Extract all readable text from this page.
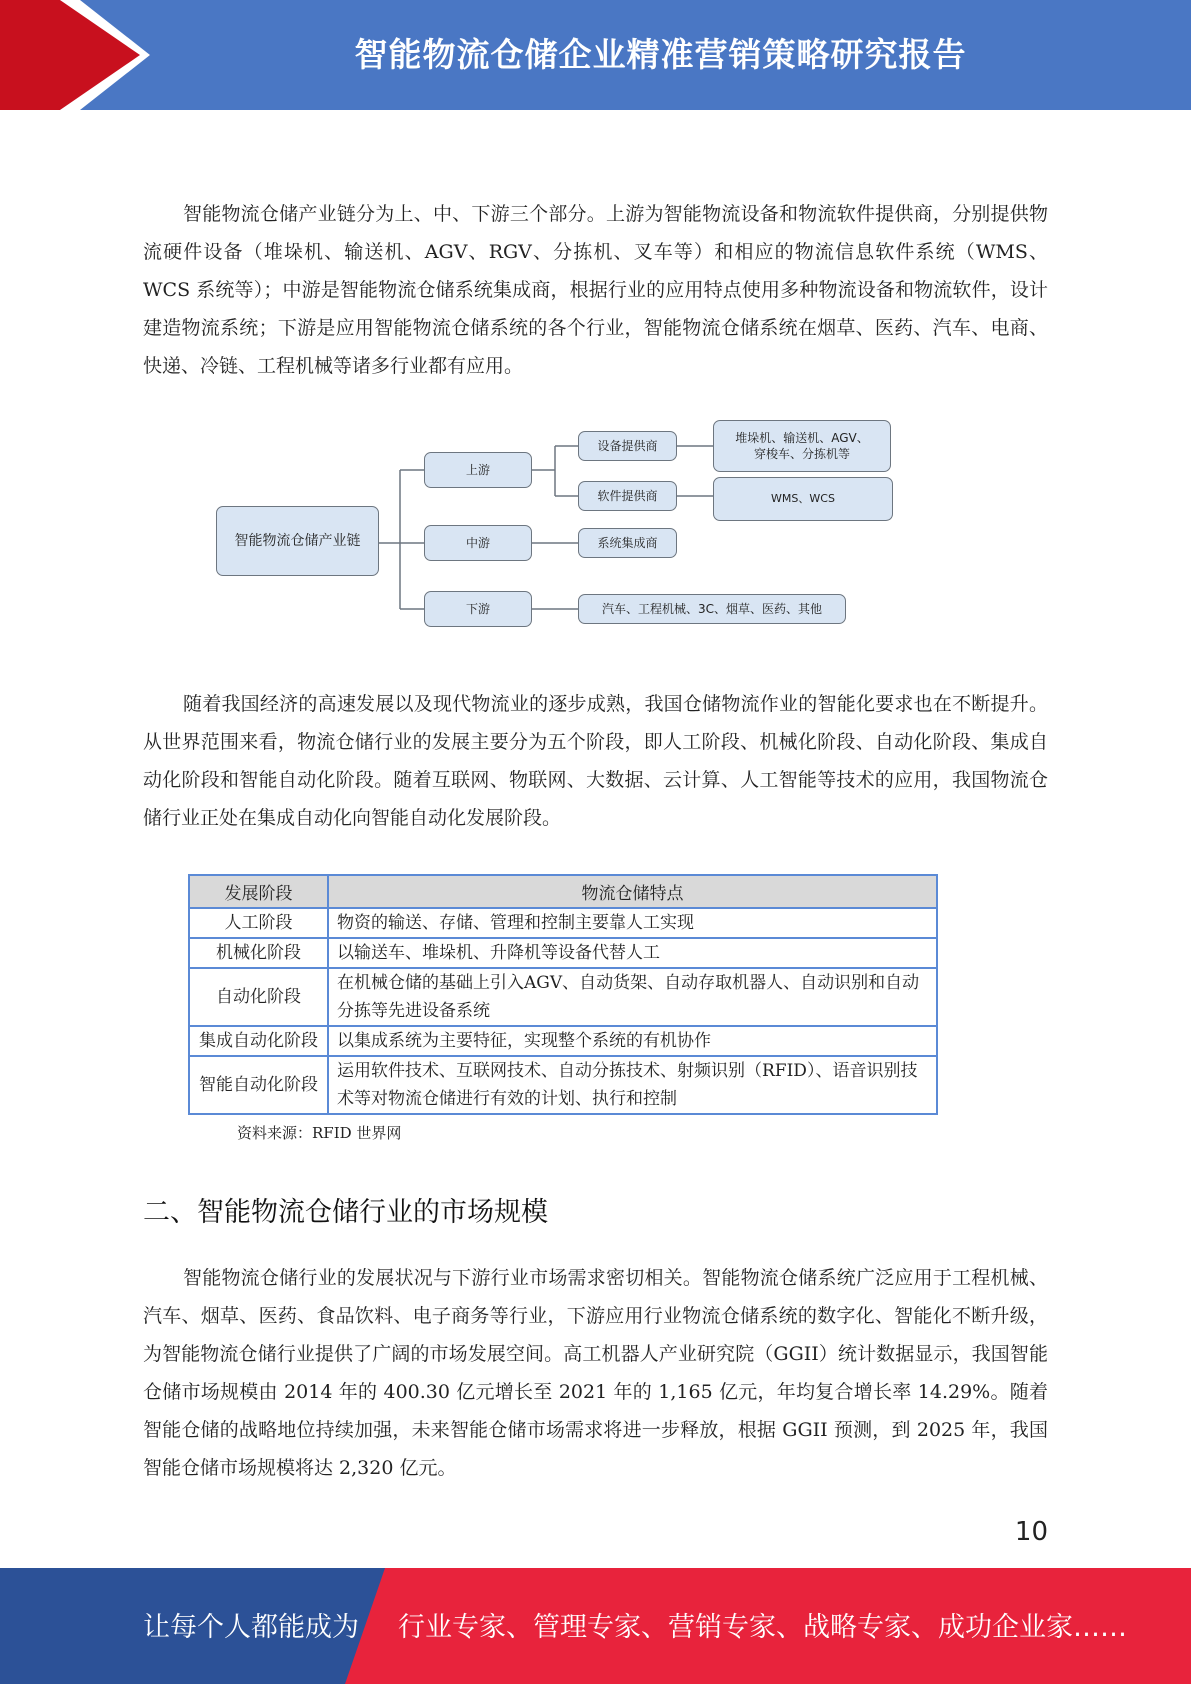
智能物流仓储企业精准营销策略研究报告

智能物流仓储产业链分为上、中、下游三个部分。上游为智能物流设备和物流软件提供商，分别提供物流硬件设备（堆垛机、输送机、AGV、RGV、分拣机、叉车等）和相应的物流信息软件系统（WMS、WCS 系统等）；中游是智能物流仓储系统集成商，根据行业的应用特点使用多种物流设备和物流软件，设计建造物流系统；下游是应用智能物流仓储系统的各个行业，智能物流仓储系统在烟草、医药、汽车、电商、快递、冷链、工程机械等诸多行业都有应用。

智能物流仓储产业链
上游
中游
下游
设备提供商
软件提供商
系统集成商
汽车、工程机械、3C、烟草、医药、其他
堆垛机、输送机、AGV、
穿梭车、分拣机等
WMS、WCS

随着我国经济的高速发展以及现代物流业的逐步成熟，我国仓储物流作业的智能化要求也在不断提升。从世界范围来看，物流仓储行业的发展主要分为五个阶段，即人工阶段、机械化阶段、自动化阶段、集成自动化阶段和智能自动化阶段。随着互联网、物联网、大数据、云计算、人工智能等技术的应用，我国物流仓储行业正处在集成自动化向智能自动化发展阶段。

发展阶段	物流仓储特点
人工阶段	物资的输送、存储、管理和控制主要靠人工实现
机械化阶段	以输送车、堆垛机、升降机等设备代替人工
自动化阶段	在机械仓储的基础上引入AGV、自动货架、自动存取机器人、自动识别和自动分拣等先进设备系统
集成自动化阶段	以集成系统为主要特征，实现整个系统的有机协作
智能自动化阶段	运用软件技术、互联网技术、自动分拣技术、射频识别（RFID）、语音识别技术等对物流仓储进行有效的计划、执行和控制
资料来源：RFID 世界网
二、智能物流仓储行业的市场规模

智能物流仓储行业的发展状况与下游行业市场需求密切相关。智能物流仓储系统广泛应用于工程机械、汽车、烟草、医药、食品饮料、电子商务等行业，下游应用行业物流仓储系统的数字化、智能化不断升级，为智能物流仓储行业提供了广阔的市场发展空间。高工机器人产业研究院（GGII）统计数据显示，我国智能仓储市场规模由 2014 年的 400.30 亿元增长至 2021 年的 1,165 亿元，年均复合增长率 14.29%。随着智能仓储的战略地位持续加强，未来智能仓储市场需求将进一步释放，根据 GGII 预测，到 2025 年，我国智能仓储市场规模将达 2,320 亿元。

10
让每个人都能成为 行业专家、管理专家、营销专家、战略专家、成功企业家……
